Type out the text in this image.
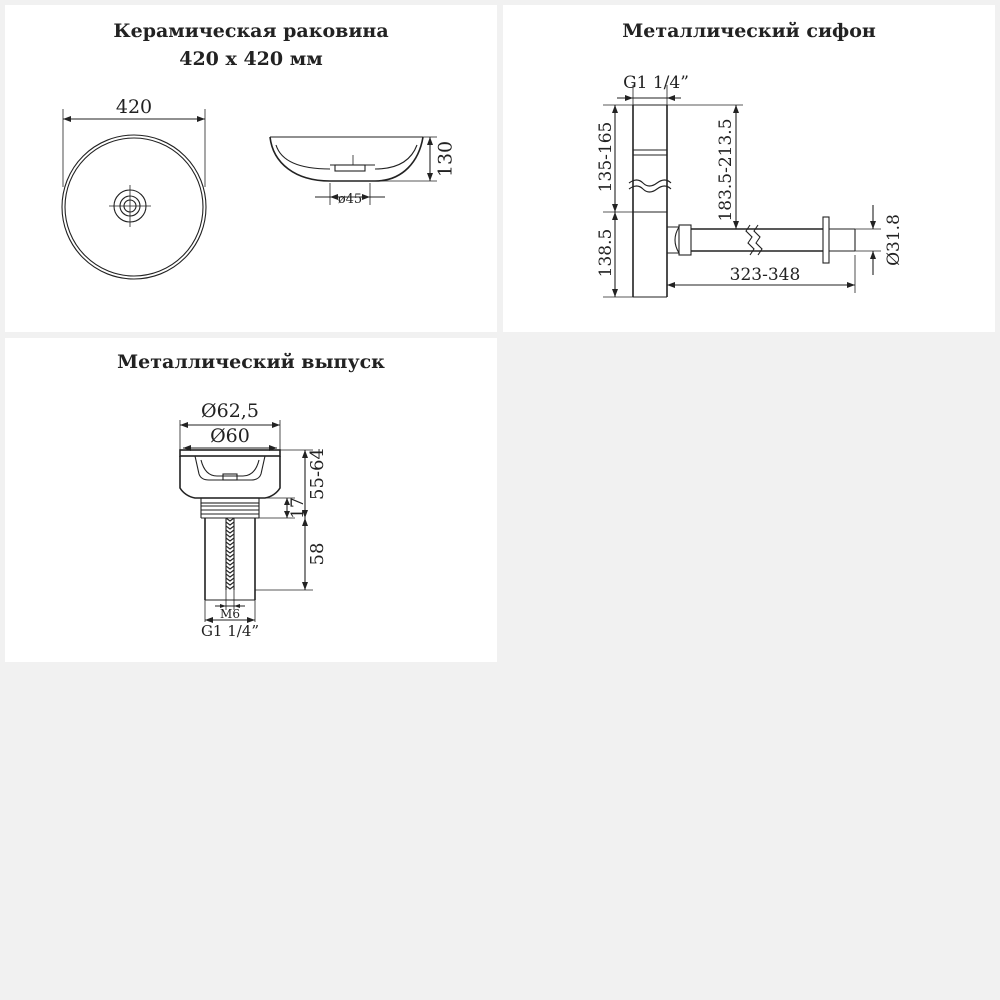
Керамическая раковина
420 x 420 мм
420
130
ø45
Металлический сифон
G1 1/4”
135-165
138.5
183.5-213.5
323-348
Ø31.8
Металлический выпуск
Ø62,5
Ø60
M6
G1 1/4”
55-64
17
58
